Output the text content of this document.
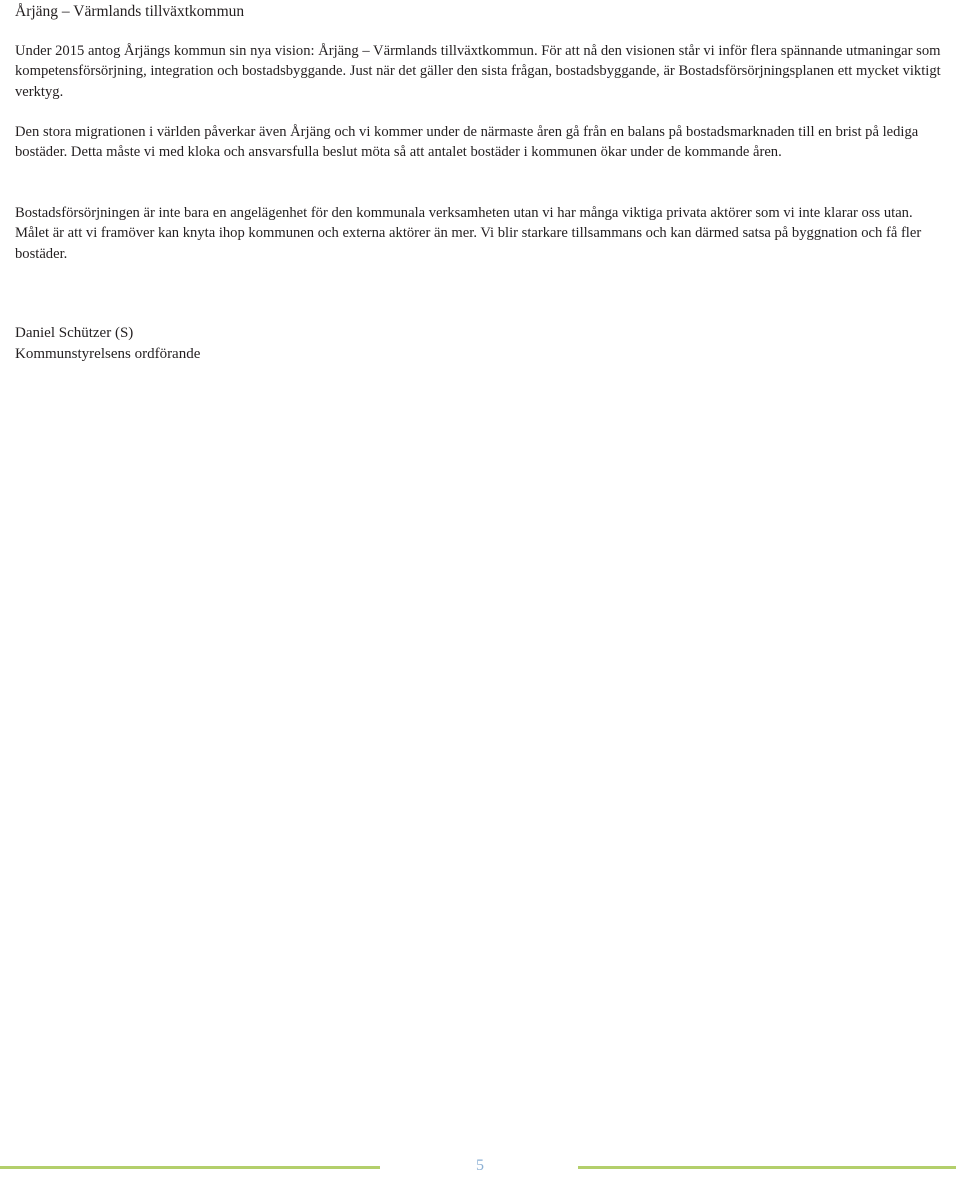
Årjäng – Värmlands tillväxtkommun

Under 2015 antog Årjängs kommun sin nya vision: Årjäng – Värmlands tillväxtkommun. För att nå den visionen står vi inför flera spännande utmaningar som kompetensförsörjning, integration och bostadsbyggande. Just när det gäller den sista frågan, bostadsbyggande, är Bostadsförsörjningsplanen ett mycket viktigt verktyg.

Den stora migrationen i världen påverkar även Årjäng och vi kommer under de närmaste åren gå från en balans på bostadsmarknaden till en brist på lediga bostäder. Detta måste vi med kloka och ansvarsfulla beslut möta så att antalet bostäder i kommunen ökar under de kommande åren.

Bostadsförsörjningen är inte bara en angelägenhet för den kommunala verksamheten utan vi har många viktiga privata aktörer som vi inte klarar oss utan. Målet är att vi framöver kan knyta ihop kommunen och externa aktörer än mer. Vi blir starkare tillsammans och kan därmed satsa på byggnation och få fler bostäder.

Daniel Schützer (S)
Kommunstyrelsens ordförande
5
